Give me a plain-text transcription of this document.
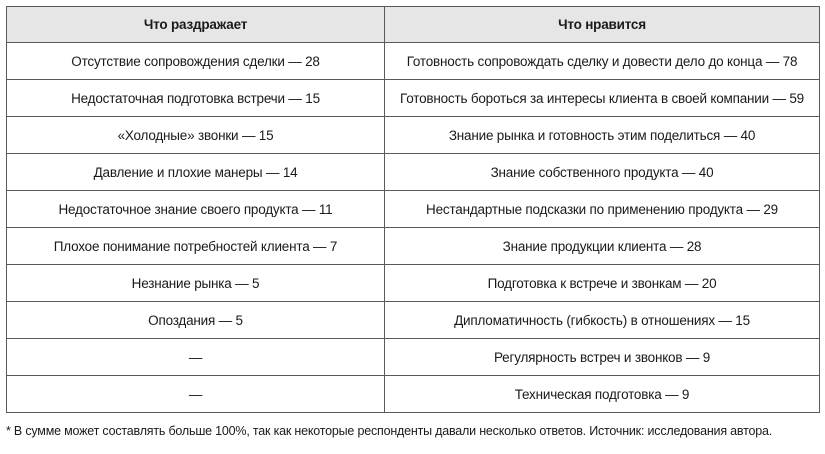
Что раздражает	Что нравится
Отсутствие сопровождения сделки — 28	Готовность сопровождать сделку и довести дело до конца — 78
Недостаточная подготовка встречи — 15	Готовность бороться за интересы клиента в своей компании — 59
«Холодные» звонки — 15	Знание рынка и готовность этим поделиться — 40
Давление и плохие манеры — 14	Знание собственного продукта — 40
Недостаточное знание своего продукта — 11	Нестандартные подсказки по применению продукта — 29
Плохое понимание потребностей клиента — 7	Знание продукции клиента — 28
Незнание рынка — 5	Подготовка к встрече и звонкам — 20
Опоздания — 5	Дипломатичность (гибкость) в отношениях — 15
—	Регулярность встреч и звонков — 9
—	Техническая подготовка — 9
* В сумме может составлять больше 100%, так как некоторые респонденты давали несколько ответов. Источник: исследования автора.
